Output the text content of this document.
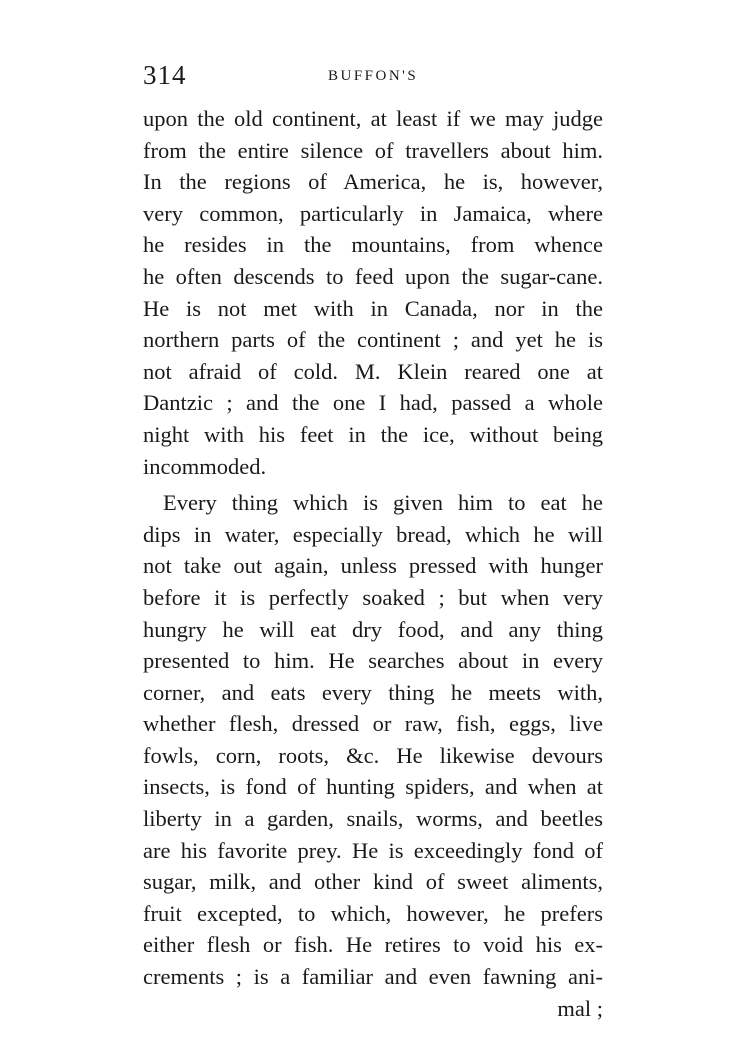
314	BUFFON'S
upon the old continent, at least if we may judge
from the entire silence of travellers about him.
In the regions of America, he is, however,
very common, particularly in Jamaica, where
he resides in the mountains, from whence
he often descends to feed upon the sugar-cane.
He is not met with in Canada, nor in the
northern parts of the continent ; and yet he is
not afraid of cold. M. Klein reared one at
Dantzic ; and the one I had, passed a whole
night with his feet in the ice, without being
incommoded.
Every thing which is given him to eat he
dips in water, especially bread, which he will
not take out again, unless pressed with hunger
before it is perfectly soaked ; but when very
hungry he will eat dry food, and any thing
presented to him. He searches about in every
corner, and eats every thing he meets with,
whether flesh, dressed or raw, fish, eggs, live
fowls, corn, roots, &c. He likewise devours
insects, is fond of hunting spiders, and when at
liberty in a garden, snails, worms, and beetles
are his favorite prey. He is exceedingly fond of
sugar, milk, and other kind of sweet aliments,
fruit excepted, to which, however, he prefers
either flesh or fish. He retires to void his ex-
crements ; is a familiar and even fawning ani-
mal ;
